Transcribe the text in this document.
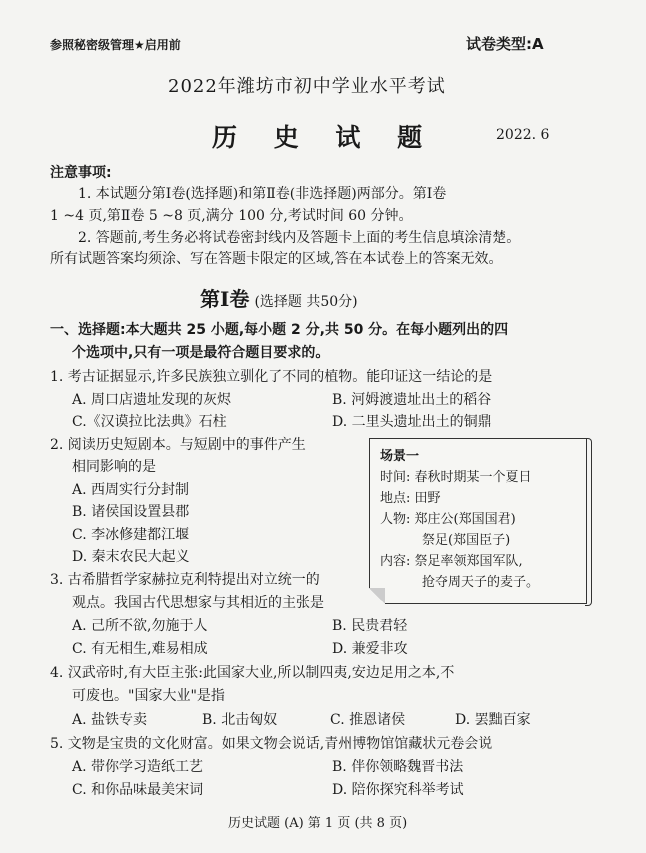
参照秘密级管理★启用前	试卷类型:A
2022年潍坊市初中学业水平考试
历 史 试 题	2022. 6
注意事项:
1. 本试题分第Ⅰ卷(选择题)和第Ⅱ卷(非选择题)两部分。第Ⅰ卷
1 ~4 页,第Ⅱ卷 5 ~8 页,满分 100 分,考试时间 60 分钟。
2. 答题前,考生务必将试卷密封线内及答题卡上面的考生信息填涂清楚。
所有试题答案均须涂、写在答题卡限定的区域,答在本试卷上的答案无效。
第Ⅰ卷 (选择题 共50分)
一、选择题:本大题共 25 小题,每小题 2 分,共 50 分。在每小题列出的四
个选项中,只有一项是最符合题目要求的。
1. 考古证据显示,许多民族独立驯化了不同的植物。能印证这一结论的是
A. 周口店遗址发现的灰烬	B. 河姆渡遗址出土的稻谷
C.《汉谟拉比法典》石柱	D. 二里头遗址出土的铜鼎
2. 阅读历史短剧本。与短剧中的事件产生
相同影响的是
A. 西周实行分封制
B. 诸侯国设置县郡
C. 李冰修建都江堰
D. 秦末农民大起义
场景一
时间: 春秋时期某一个夏日
地点: 田野
人物: 郑庄公(郑国国君)
祭足(郑国臣子)
内容: 祭足率领郑国军队,
抢夺周天子的麦子。
3. 古希腊哲学家赫拉克利特提出对立统一的
观点。我国古代思想家与其相近的主张是
A. 己所不欲,勿施于人	B. 民贵君轻
C. 有无相生,难易相成	D. 兼爱非攻
4. 汉武帝时,有大臣主张:此国家大业,所以制四夷,安边足用之本,不
可废也。"国家大业"是指
A. 盐铁专卖	B. 北击匈奴	C. 推恩诸侯	D. 罢黜百家
5. 文物是宝贵的文化财富。如果文物会说话,青州博物馆馆藏状元卷会说
A. 带你学习造纸工艺	B. 伴你领略魏晋书法
C. 和你品味最美宋词	D. 陪你探究科举考试
历史试题 (A) 第 1 页 (共 8 页)
